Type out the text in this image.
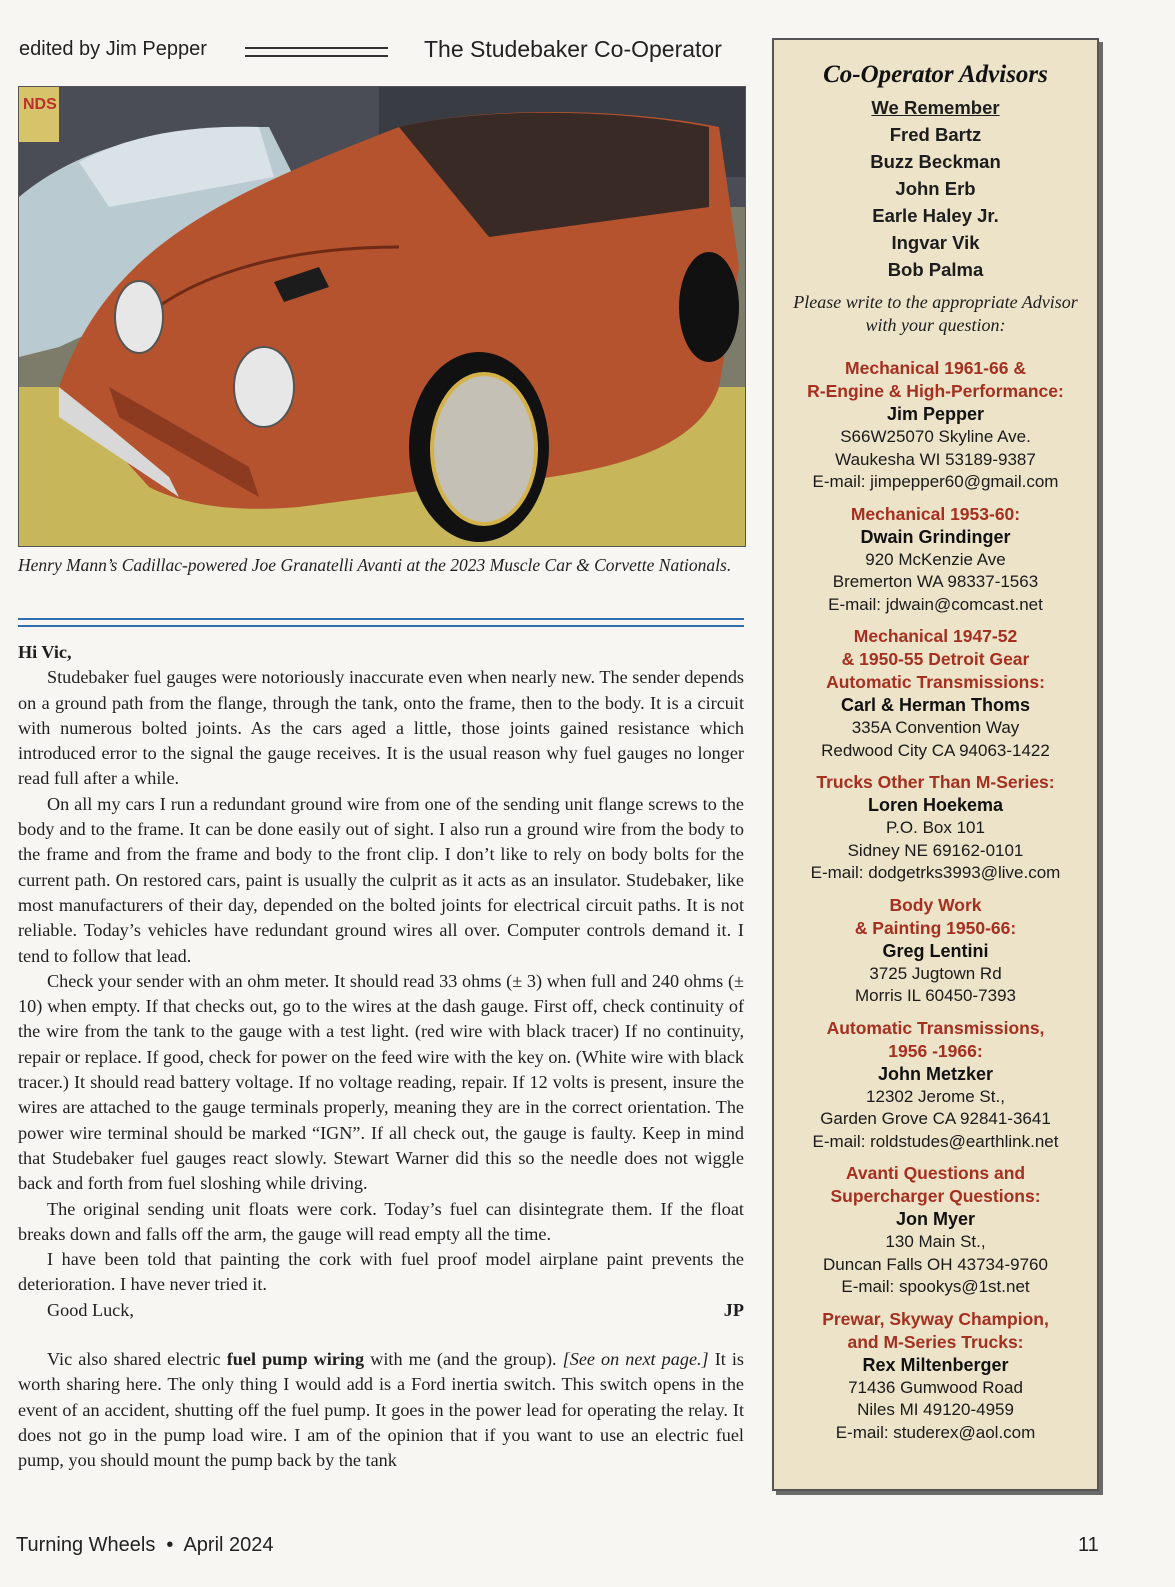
edited by Jim Pepper	The Studebaker Co-Operator
NDS
Henry Mann’s Cadillac-powered Joe Granatelli Avanti at the 2023 Muscle Car & Corvette Nationals.

Hi Vic,

Studebaker fuel gauges were notoriously inaccurate even when nearly new. The sender depends on a ground path from the flange, through the tank, onto the frame, then to the body. It is a circuit with numerous bolted joints. As the cars aged a little, those joints gained resistance which introduced error to the signal the gauge receives. It is the usual reason why fuel gauges no longer read full after a while.

On all my cars I run a redundant ground wire from one of the sending unit flange screws to the body and to the frame. It can be done easily out of sight. I also run a ground wire from the body to the frame and from the frame and body to the front clip. I don’t like to rely on body bolts for the current path. On restored cars, paint is usually the culprit as it acts as an insulator. Studebaker, like most manufacturers of their day, depended on the bolted joints for electrical circuit paths. It is not reliable. Today’s vehicles have redundant ground wires all over. Computer controls demand it. I tend to follow that lead.

Check your sender with an ohm meter. It should read 33 ohms (± 3) when full and 240 ohms (± 10) when empty. If that checks out, go to the wires at the dash gauge. First off, check continuity of the wire from the tank to the gauge with a test light. (red wire with black tracer) If no continuity, repair or replace. If good, check for power on the feed wire with the key on. (White wire with black tracer.) It should read battery voltage. If no voltage reading, repair. If 12 volts is present, insure the wires are attached to the gauge terminals properly, meaning they are in the correct orientation. The power wire terminal should be marked “IGN”. If all check out, the gauge is faulty. Keep in mind that Studebaker fuel gauges react slowly. Stewart Warner did this so the needle does not wiggle back and forth from fuel sloshing while driving.

The original sending unit floats were cork. Today’s fuel can disintegrate them. If the float breaks down and falls off the arm, the gauge will read empty all the time.

I have been told that painting the cork with fuel proof model airplane paint prevents the deterioration. I have never tried it.

Good Luck,	JP

Vic also shared electric fuel pump wiring with me (and the group). [See on next page.] It is worth sharing here. The only thing I would add is a Ford inertia switch. This switch opens in the event of an accident, shutting off the fuel pump. It goes in the power lead for operating the relay. It does not go in the pump load wire. I am of the opinion that if you want to use an electric fuel pump, you should mount the pump back by the tank

Turning Wheels  •  April 2024	11
Co-Operator Advisors
We Remember
Fred Bartz
Buzz Beckman
John Erb
Earle Haley Jr.
Ingvar Vik
Bob Palma
Please write to the appropriate Advisor with your question:
Mechanical 1961-66 &
R-Engine & High-Performance:
Jim Pepper
S66W25070 Skyline Ave.
Waukesha WI 53189-9387
E-mail: jimpepper60@gmail.com
Mechanical 1953-60:
Dwain Grindinger
920 McKenzie Ave
Bremerton WA 98337-1563
E-mail: jdwain@comcast.net
Mechanical 1947-52
& 1950-55 Detroit Gear
Automatic Transmissions:
Carl & Herman Thoms
335A Convention Way
Redwood City CA 94063-1422
Trucks Other Than M-Series:
Loren Hoekema
P.O. Box 101
Sidney NE 69162-0101
E-mail: dodgetrks3993@live.com
Body Work
& Painting 1950-66:
Greg Lentini
3725 Jugtown Rd
Morris IL 60450-7393
Automatic Transmissions,
1956 -1966:
John Metzker
12302 Jerome St.,
Garden Grove CA 92841-3641
E-mail: roldstudes@earthlink.net
Avanti Questions and
Supercharger Questions:
Jon Myer
130 Main St.,
Duncan Falls OH 43734-9760
E-mail: spookys@1st.net
Prewar, Skyway Champion,
and M-Series Trucks:
Rex Miltenberger
71436 Gumwood Road
Niles MI 49120-4959
E-mail: studerex@aol.com
